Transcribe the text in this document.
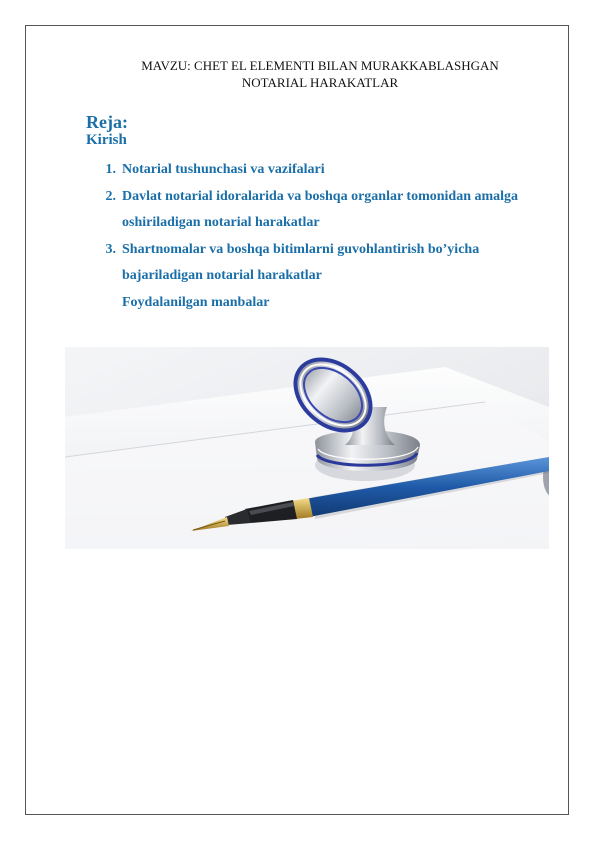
MAVZU: CHET EL ELEMENTI BILAN MURAKKABLASHGAN
NOTARIAL HARAKATLAR
Reja:
Kirish
1. Notarial tushunchasi va vazifalari
2. Davlat notarial idoralarida va boshqa organlar tomonidan amalga oshiriladigan notarial harakatlar
3. Shartnomalar va boshqa bitimlarni guvohlantirish bo’yicha bajariladigan notarial harakatlar
Foydalanilgan manbalar
